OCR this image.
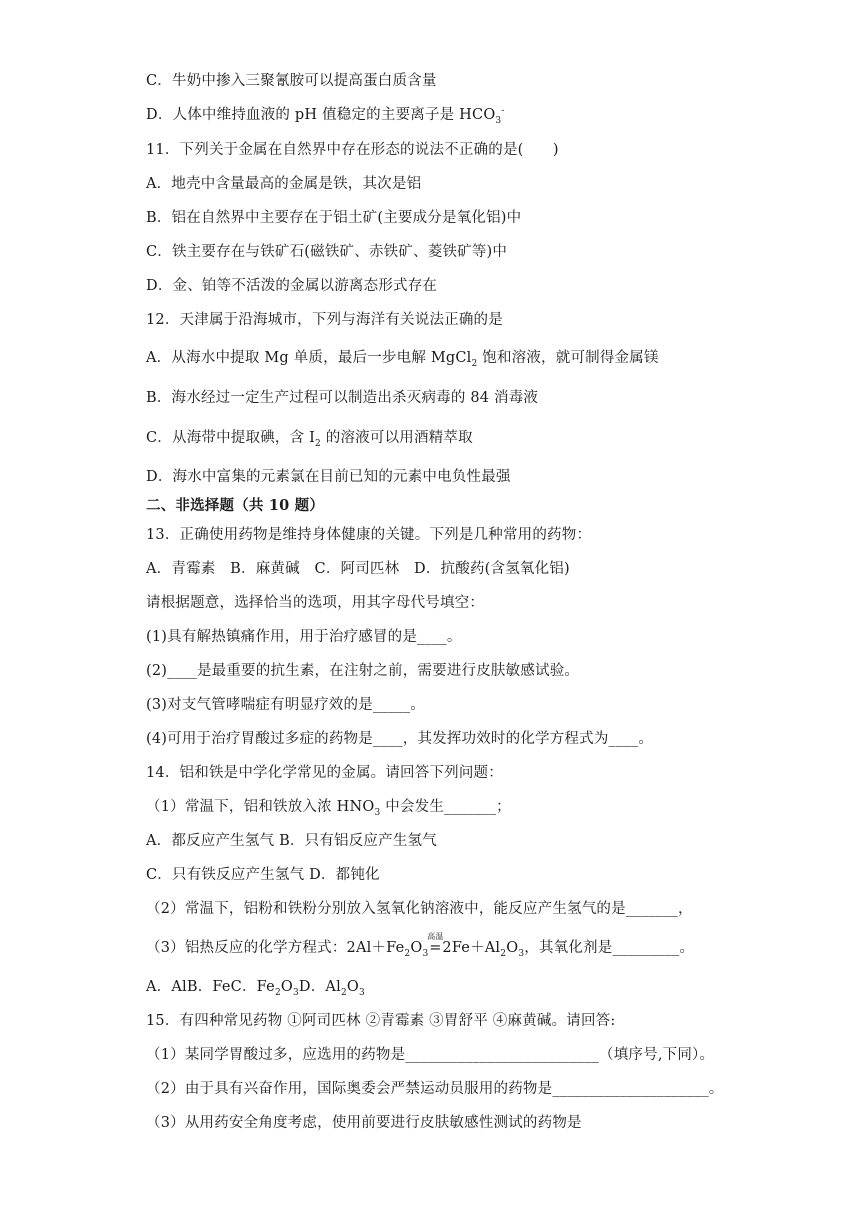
C．牛奶中掺入三聚氰胺可以提高蛋白质含量
D．人体中维持血液的 pH 值稳定的主要离子是 $HCO_3^-$
11．下列关于金属在自然界中存在形态的说法不正确的是(　　)
A．地壳中含量最高的金属是铁，其次是铝
B．铝在自然界中主要存在于铝土矿(主要成分是氧化铝)中
C．铁主要存在与铁矿石(磁铁矿、赤铁矿、菱铁矿等)中
D．金、铂等不活泼的金属以游离态形式存在
12．天津属于沿海城市，下列与海洋有关说法正确的是
A．从海水中提取 Mg 单质，最后一步电解 MgCl$_2$ 饱和溶液，就可制得金属镁
B．海水经过一定生产过程可以制造出杀灭病毒的 84 消毒液
C．从海带中提取碘，含 $I_2$ 的溶液可以用酒精萃取
D．海水中富集的元素氯在目前已知的元素中电负性最强
二、非选择题（共 10 题）
13．正确使用药物是维持身体健康的关键。下列是几种常用的药物：
A．青霉素　B．麻黄碱　C．阿司匹林　D．抗酸药(含氢氧化铝)
请根据题意，选择恰当的选项，用其字母代号填空：
(1)具有解热镇痛作用，用于治疗感冒的是____。
(2)____是最重要的抗生素，在注射之前，需要进行皮肤敏感试验。
(3)对支气管哮喘症有明显疗效的是_____。
(4)可用于治疗胃酸过多症的药物是____，其发挥功效时的化学方程式为____。
14．铝和铁是中学化学常见的金属。请回答下列问题：
（1）常温下，铝和铁放入浓 $HNO_3$ 中会发生_______；
A．都反应产生氢气 B．只有铝反应产生氢气
C．只有铁反应产生氢气 D．都钝化
（2）常温下，铝粉和铁粉分别放入氢氧化钠溶液中，能反应产生氢气的是_______，
（3）铝热反应的化学方程式：$2Al+Fe_2O_3$
高温
$=2Fe+Al_2O_3$，其氧化剂是_________。
A．AlB．FeC．$Fe_2O_3D$．$Al_2O_3$
15．有四种常见药物 ①阿司匹林 ②青霉素 ③胃舒平 ④麻黄碱。请回答:
（1）某同学胃酸过多，应选用的药物是__________________________（填序号,下同）。
（2）由于具有兴奋作用，国际奥委会严禁运动员服用的药物是_____________________。
（3）从用药安全角度考虑，使用前要进行皮肤敏感性测试的药物是
